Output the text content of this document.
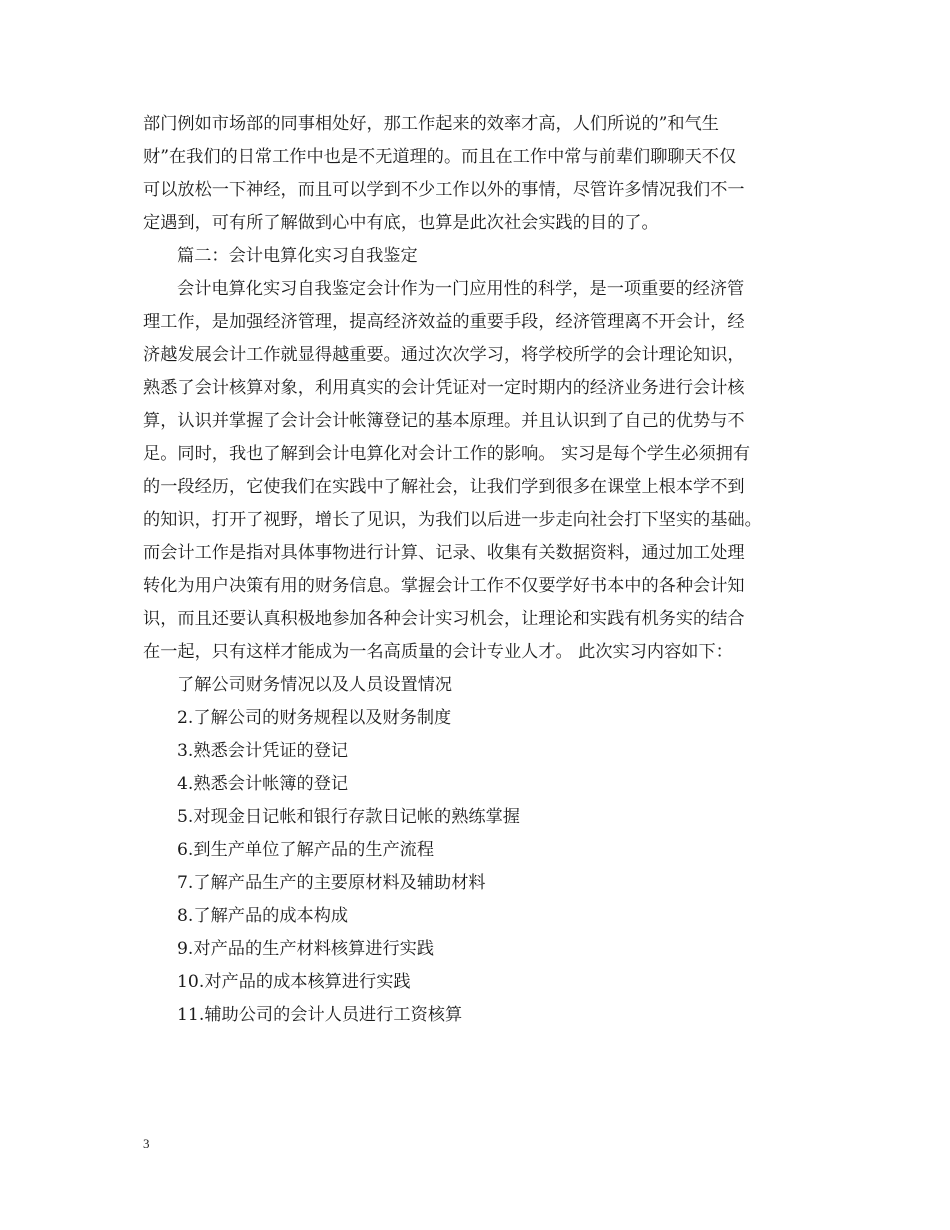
部门例如市场部的同事相处好，那工作起来的效率才高，人们所说的”和气生
财”在我们的日常工作中也是不无道理的。而且在工作中常与前辈们聊聊天不仅
可以放松一下神经，而且可以学到不少工作以外的事情，尽管许多情况我们不一
定遇到，可有所了解做到心中有底，也算是此次社会实践的目的了。
篇二：会计电算化实习自我鉴定
会计电算化实习自我鉴定会计作为一门应用性的科学，是一项重要的经济管
理工作，是加强经济管理，提高经济效益的重要手段，经济管理离不开会计，经
济越发展会计工作就显得越重要。通过次次学习，将学校所学的会计理论知识，
熟悉了会计核算对象，利用真实的会计凭证对一定时期内的经济业务进行会计核
算，认识并掌握了会计会计帐簿登记的基本原理。并且认识到了自己的优势与不
足。同时，我也了解到会计电算化对会计工作的影响。 实习是每个学生必须拥有
的一段经历，它使我们在实践中了解社会，让我们学到很多在课堂上根本学不到
的知识，打开了视野，增长了见识，为我们以后进一步走向社会打下坚实的基础。
而会计工作是指对具体事物进行计算、记录、收集有关数据资料，通过加工处理
转化为用户决策有用的财务信息。掌握会计工作不仅要学好书本中的各种会计知
识，而且还要认真积极地参加各种会计实习机会，让理论和实践有机务实的结合
在一起，只有这样才能成为一名高质量的会计专业人才。 此次实习内容如下：
了解公司财务情况以及人员设置情况
2.了解公司的财务规程以及财务制度
3.熟悉会计凭证的登记
4.熟悉会计帐簿的登记
5.对现金日记帐和银行存款日记帐的熟练掌握
6.到生产单位了解产品的生产流程
7.了解产品生产的主要原材料及辅助材料
8.了解产品的成本构成
9.对产品的生产材料核算进行实践
10.对产品的成本核算进行实践
11.辅助公司的会计人员进行工资核算
3
